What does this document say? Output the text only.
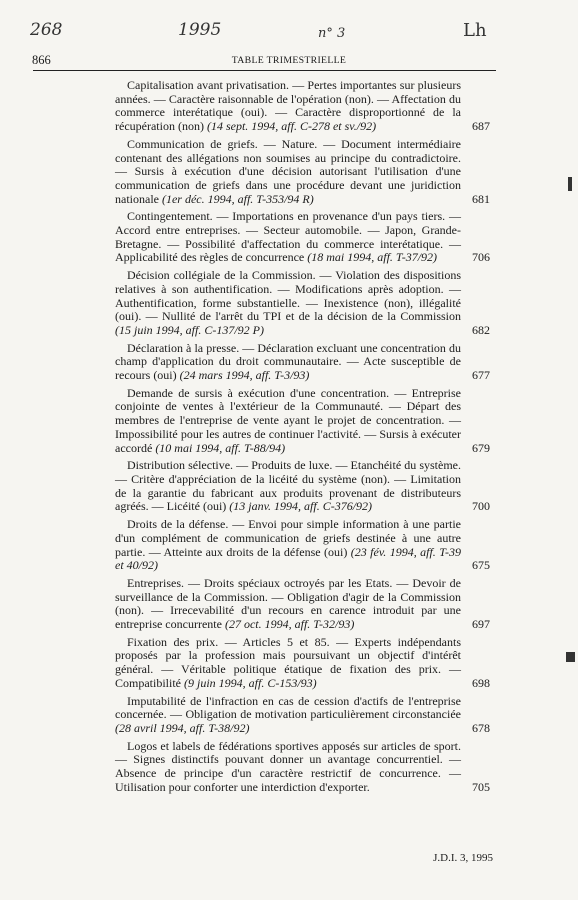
268	1995	n° 3	Lh
866	TABLE TRIMESTRIELLE
Capitalisation avant privatisation. — Pertes importantes sur plusieurs années. — Caractère raisonnable de l'opération (non). — Affectation du commerce interétatique (oui). — Caractère disproportionné de la récupération (non) (14 sept. 1994, aff. C-278 et sv./92)	687
Communication de griefs. — Nature. — Document intermédiaire contenant des allégations non soumises au principe du contradictoire. — Sursis à exécution d'une décision autorisant l'utilisation d'une communication de griefs dans une procédure devant une juridiction nationale (1er déc. 1994, aff. T-353/94 R)	681
Contingentement. — Importations en provenance d'un pays tiers. — Accord entre entreprises. — Secteur automobile. — Japon, Grande-Bretagne. — Possibilité d'affectation du commerce interétatique. — Applicabilité des règles de concurrence (18 mai 1994, aff. T-37/92)	706
Décision collégiale de la Commission. — Violation des dispositions relatives à son authentification. — Modifications après adoption. — Authentification, forme substantielle. — Inexistence (non), illégalité (oui). — Nullité de l'arrêt du TPI et de la décision de la Commission (15 juin 1994, aff. C-137/92 P)	682
Déclaration à la presse. — Déclaration excluant une concentration du champ d'application du droit communautaire. — Acte susceptible de recours (oui) (24 mars 1994, aff. T-3/93)	677
Demande de sursis à exécution d'une concentration. — Entreprise conjointe de ventes à l'extérieur de la Communauté. — Départ des membres de l'entreprise de vente ayant le projet de concentration. — Impossibilité pour les autres de continuer l'activité. — Sursis à exécuter accordé (10 mai 1994, aff. T-88/94)	679
Distribution sélective. — Produits de luxe. — Etanchéité du système. — Critère d'appréciation de la licéité du système (non). — Limitation de la garantie du fabricant aux produits provenant de distributeurs agréés. — Licéité (oui) (13 janv. 1994, aff. C-376/92)	700
Droits de la défense. — Envoi pour simple information à une partie d'un complément de communication de griefs destinée à une autre partie. — Atteinte aux droits de la défense (oui) (23 fév. 1994, aff. T-39 et 40/92)	675
Entreprises. — Droits spéciaux octroyés par les Etats. — Devoir de surveillance de la Commission. — Obligation d'agir de la Commission (non). — Irrecevabilité d'un recours en carence introduit par une entreprise concurrente (27 oct. 1994, aff. T-32/93)	697
Fixation des prix. — Articles 5 et 85. — Experts indépendants proposés par la profession mais poursuivant un objectif d'intérêt général. — Véritable politique étatique de fixation des prix. — Compatibilité (9 juin 1994, aff. C-153/93)	698
Imputabilité de l'infraction en cas de cession d'actifs de l'entreprise concernée. — Obligation de motivation particulièrement circonstanciée (28 avril 1994, aff. T-38/92)	678
Logos et labels de fédérations sportives apposés sur articles de sport. — Signes distinctifs pouvant donner un avantage concurrentiel. — Absence de principe d'un caractère restrictif de concurrence. — Utilisation pour conforter une interdiction d'exporter.	705
J.D.I. 3, 1995
